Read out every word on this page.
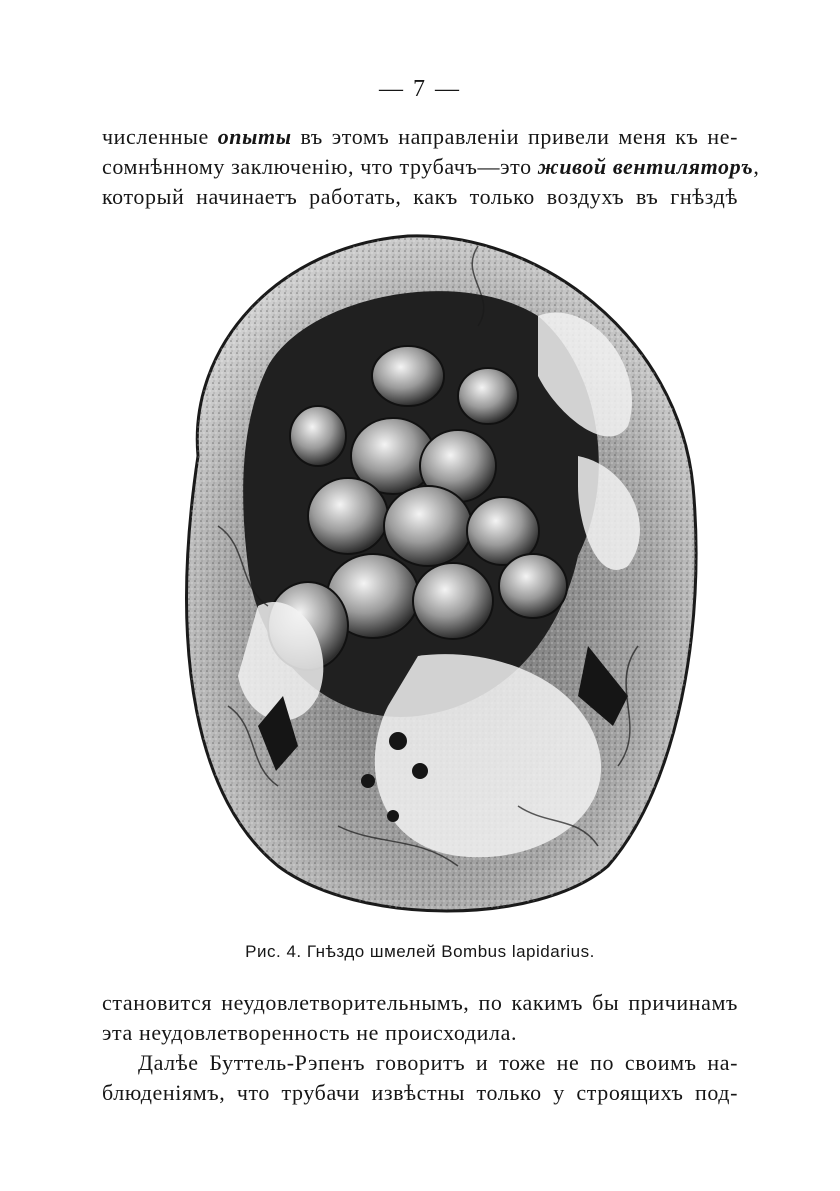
— 7 —
численные опыты въ этомъ направленіи привели меня къ не-
сомнѣнному заключенію, что трубачъ—это живой вентиляторъ,
который начинаетъ работать, какъ только воздухъ въ гнѣздѣ
Рис. 4. Гнѣздо шмелей Bombus lapidarius.
становится неудовлетворительнымъ, по какимъ бы причинамъ
эта неудовлетворенность не происходила.
Далѣе Буттель-Рэпенъ говоритъ и тоже не по своимъ на-
блюденіямъ, что трубачи извѣстны только у строящихъ под-
